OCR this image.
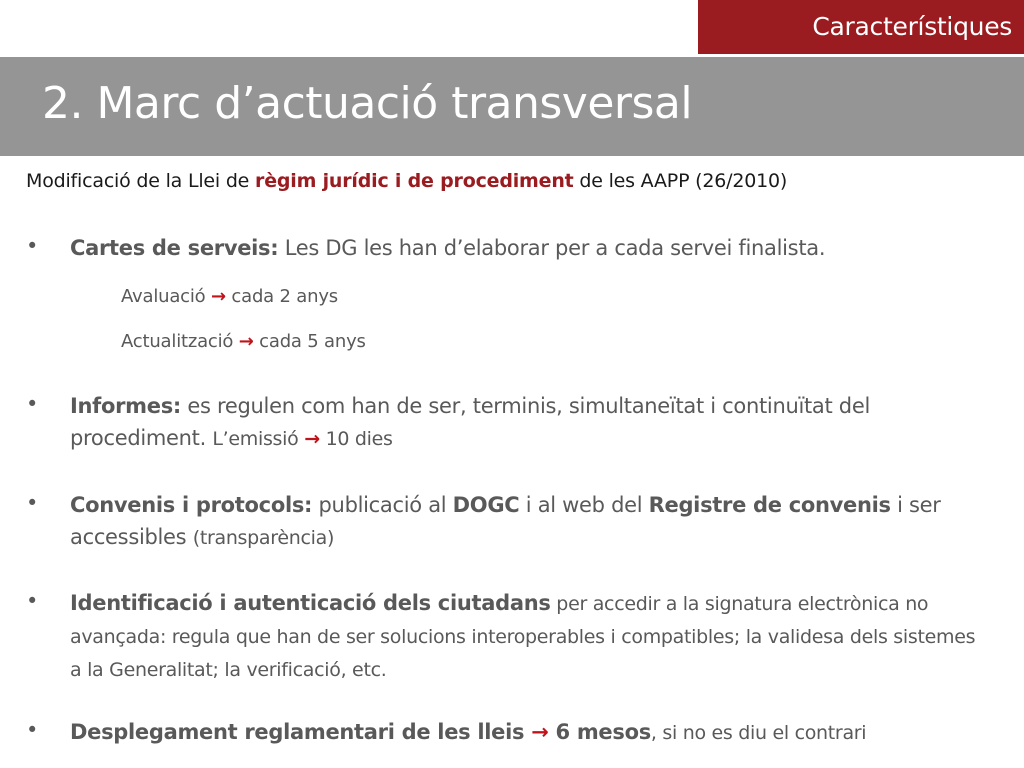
Característiques
2. Marc d’actuació transversal
Modificació de la Llei de règim jurídic i de procediment de les AAPP (26/2010)
• Cartes de serveis: Les DG les han d’elaborar per a cada servei finalista.
Avaluació → cada 2 anys
Actualització → cada 5 anys
• Informes: es regulen com han de ser, terminis, simultaneïtat i continuïtat del procediment. L’emissió → 10 dies
• Convenis i protocols: publicació al DOGC i al web del Registre de convenis i ser accessibles (transparència)
• Identificació i autenticació dels ciutadans per accedir a la signatura electrònica no avançada: regula que han de ser solucions interoperables i compatibles; la validesa dels sistemes a la Generalitat; la verificació, etc.
• Desplegament reglamentari de les lleis → 6 mesos, si no es diu el contrari
